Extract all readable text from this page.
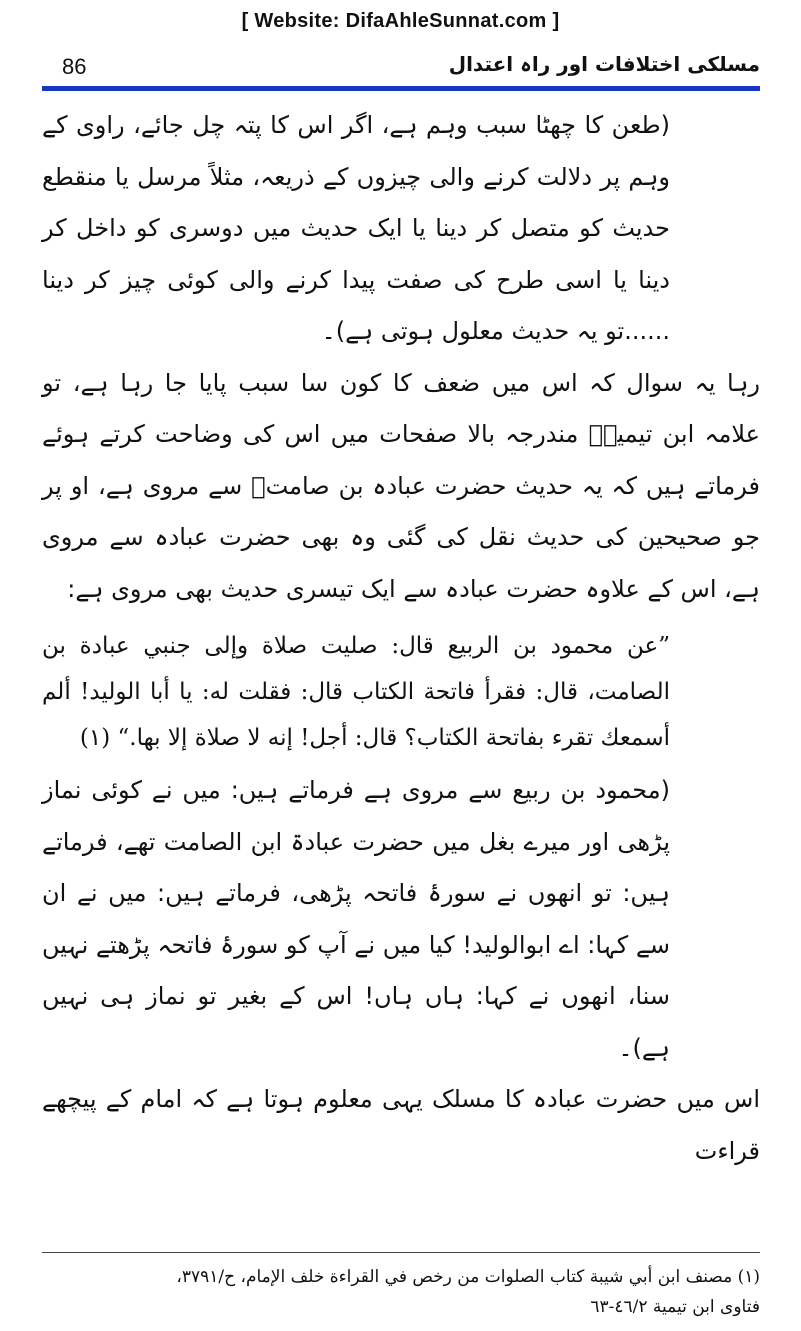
[ Website: DifaAhleSunnat.com ]
86	مسلکی اختلافات اور راہ اعتدال

(طعن کا چھٹا سبب وہم ہے، اگر اس کا پتہ چل جائے، راوی کے وہم پر دلالت کرنے والی چیزوں کے ذریعہ، مثلاً مرسل یا منقطع حدیث کو متصل کر دینا یا ایک حدیث میں دوسری کو داخل کر دینا یا اسی طرح کی صفت پیدا کرنے والی کوئی چیز کر دینا ......تو یہ حدیث معلول ہوتی ہے)۔

رہا یہ سوال کہ اس میں ضعف کا کون سا سبب پایا جا رہا ہے، تو علامہ ابن تیمیہؒ مندرجہ بالا صفحات میں اس کی وضاحت کرتے ہوئے فرماتے ہیں کہ یہ حدیث حضرت عبادہ بن صامتؓ سے مروی ہے، او پر جو صحیحین کی حدیث نقل کی گئی وہ بھی حضرت عبادہ سے مروی ہے، اس کے علاوہ حضرت عبادہ سے ایک تیسری حدیث بھی مروی ہے:

”عن محمود بن الربيع قال: صليت صلاة وإلى جنبي عبادة بن الصامت، قال: فقرأ فاتحة الكتاب قال: فقلت له: يا أبا الوليد! ألم أسمعك تقرء بفاتحة الكتاب؟ قال: أجل! إنه لا صلاة إلا بها.“ (١)

(محمود بن ربیع سے مروی ہے فرماتے ہیں: میں نے کوئی نماز پڑھی اور میرے بغل میں حضرت عبادۃ ابن الصامت تھے، فرماتے ہیں: تو انھوں نے سورۂ فاتحہ پڑھی، فرماتے ہیں: میں نے ان سے کہا: اے ابوالولید! کیا میں نے آپ کو سورۂ فاتحہ پڑھتے نہیں سنا، انھوں نے کہا: ہاں ہاں! اس کے بغیر تو نماز ہی نہیں ہے)۔

اس میں حضرت عبادہ کا مسلک یہی معلوم ہوتا ہے کہ امام کے پیچھے قراءت

(١) مصنف ابن أبي شيبة كتاب الصلوات من رخص في القراءة خلف الإمام، ح/٣٧٩١،

فتاوى ابن تيمية ٤٦/٢-٦٣
